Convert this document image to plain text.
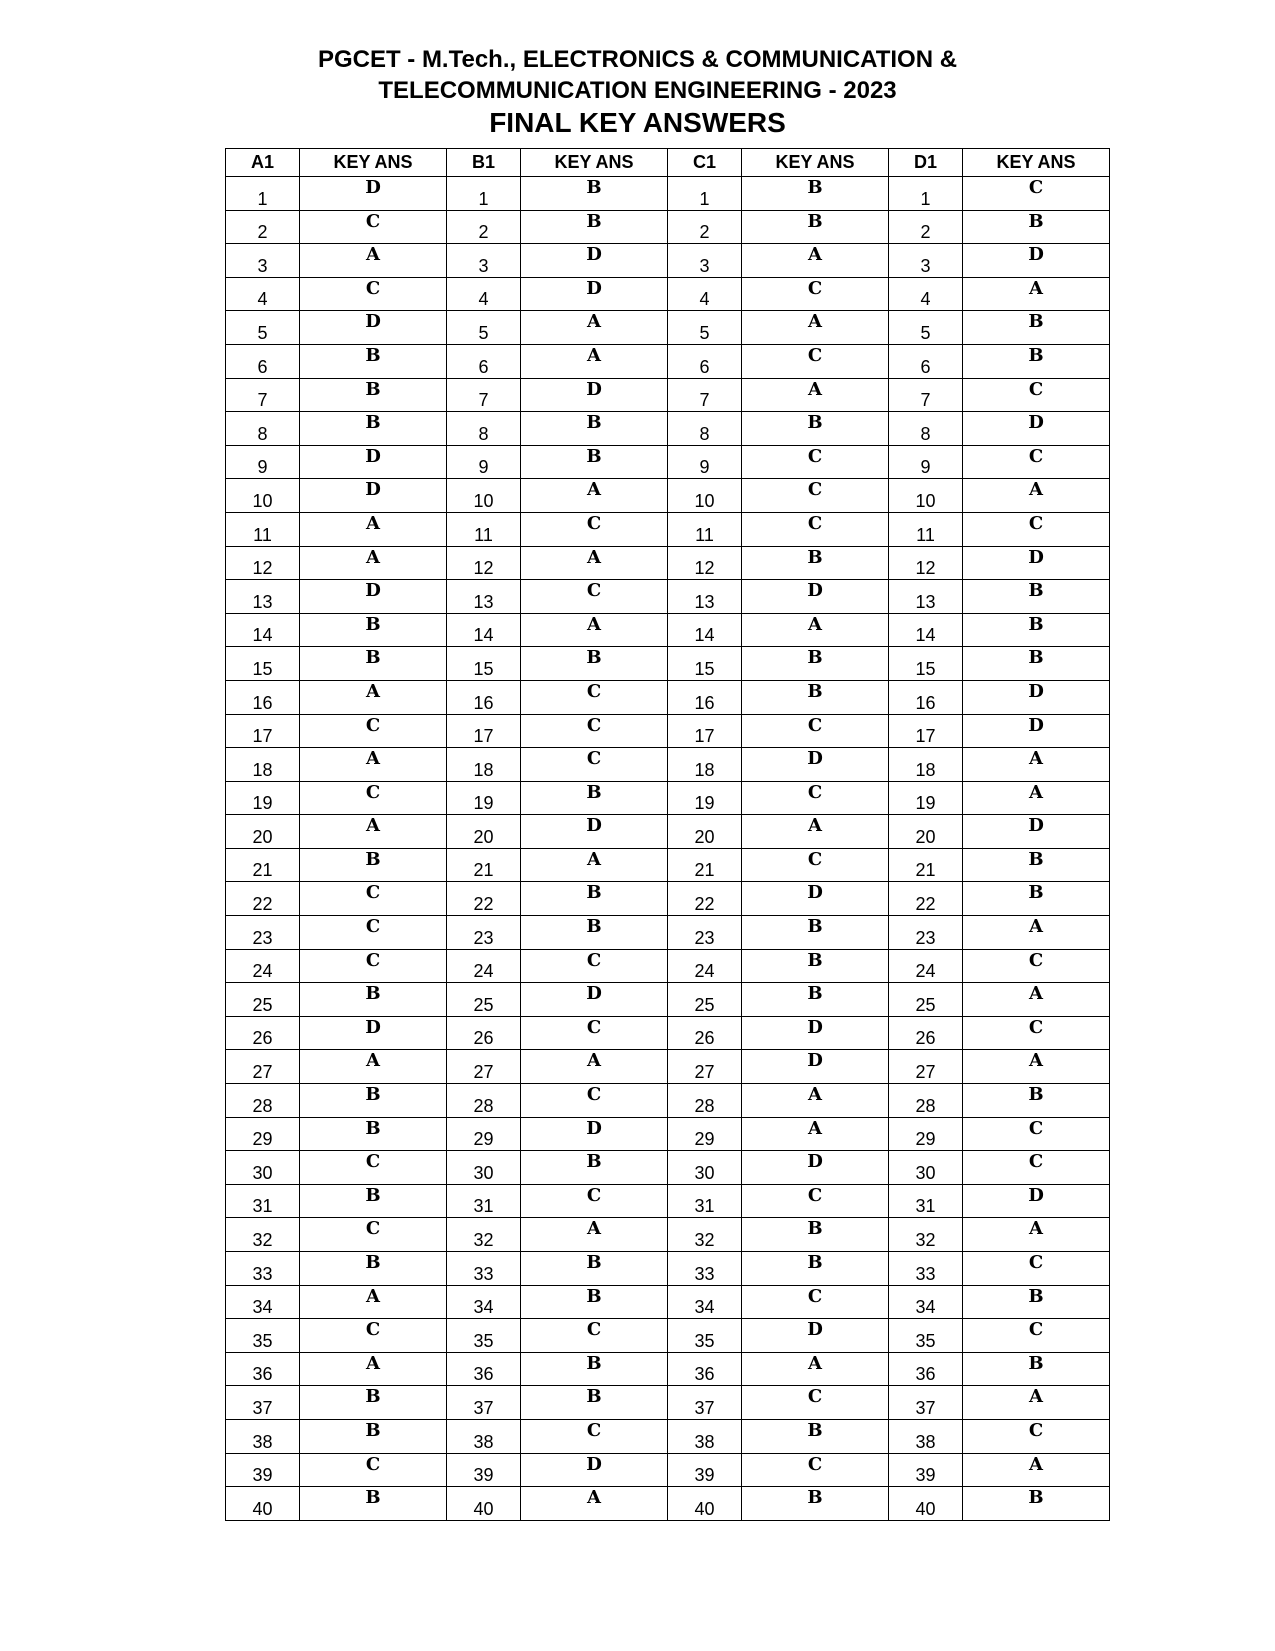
PGCET - M.Tech., ELECTRONICS & COMMUNICATION &

TELECOMMUNICATION ENGINEERING - 2023

FINAL KEY ANSWERS

A1	KEY ANS	B1	KEY ANS	C1	KEY ANS	D1	KEY ANS
1	D	1	B	1	B	1	C
2	C	2	B	2	B	2	B
3	A	3	D	3	A	3	D
4	C	4	D	4	C	4	A
5	D	5	A	5	A	5	B
6	B	6	A	6	C	6	B
7	B	7	D	7	A	7	C
8	B	8	B	8	B	8	D
9	D	9	B	9	C	9	C
10	D	10	A	10	C	10	A
11	A	11	C	11	C	11	C
12	A	12	A	12	B	12	D
13	D	13	C	13	D	13	B
14	B	14	A	14	A	14	B
15	B	15	B	15	B	15	B
16	A	16	C	16	B	16	D
17	C	17	C	17	C	17	D
18	A	18	C	18	D	18	A
19	C	19	B	19	C	19	A
20	A	20	D	20	A	20	D
21	B	21	A	21	C	21	B
22	C	22	B	22	D	22	B
23	C	23	B	23	B	23	A
24	C	24	C	24	B	24	C
25	B	25	D	25	B	25	A
26	D	26	C	26	D	26	C
27	A	27	A	27	D	27	A
28	B	28	C	28	A	28	B
29	B	29	D	29	A	29	C
30	C	30	B	30	D	30	C
31	B	31	C	31	C	31	D
32	C	32	A	32	B	32	A
33	B	33	B	33	B	33	C
34	A	34	B	34	C	34	B
35	C	35	C	35	D	35	C
36	A	36	B	36	A	36	B
37	B	37	B	37	C	37	A
38	B	38	C	38	B	38	C
39	C	39	D	39	C	39	A
40	B	40	A	40	B	40	B
